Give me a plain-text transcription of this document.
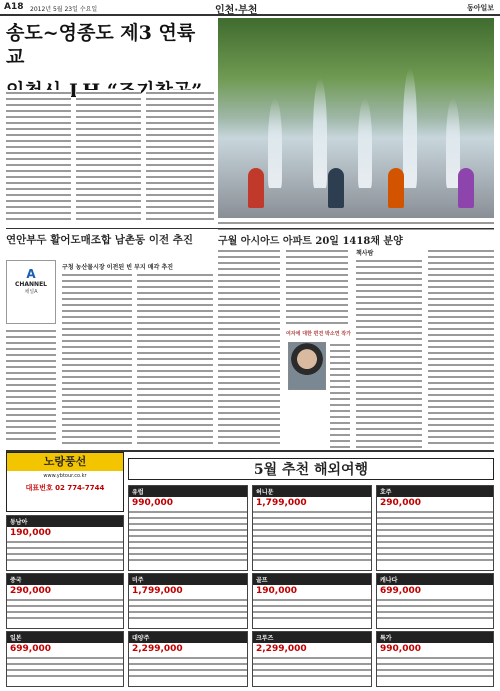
A18 2012년 5월 23일 수요일	인천·부천	동아일보
송도~영종도 제3 연륙교
연안부두 활어도매조합 남촌동 이전 추진
A
CHANNEL
채널A
구청 농산물시장 이전된 빈 부지 매각 추진
구월 아시아드 아파트 20일 1418채 분양
여자에 대한 편견 박소연 작가
책사람
노랑풍선
www.ybtour.co.kr
대표번호 02 774-7744
5월 추천 해외여행
동남아
190,000
중국
290,000
일본
699,000
유럽
990,000
미주
1,799,000
대양주
2,299,000
허니문
1,799,000
골프
190,000
크루즈
2,299,000
호주
290,000
캐나다
699,000
특가
990,000
